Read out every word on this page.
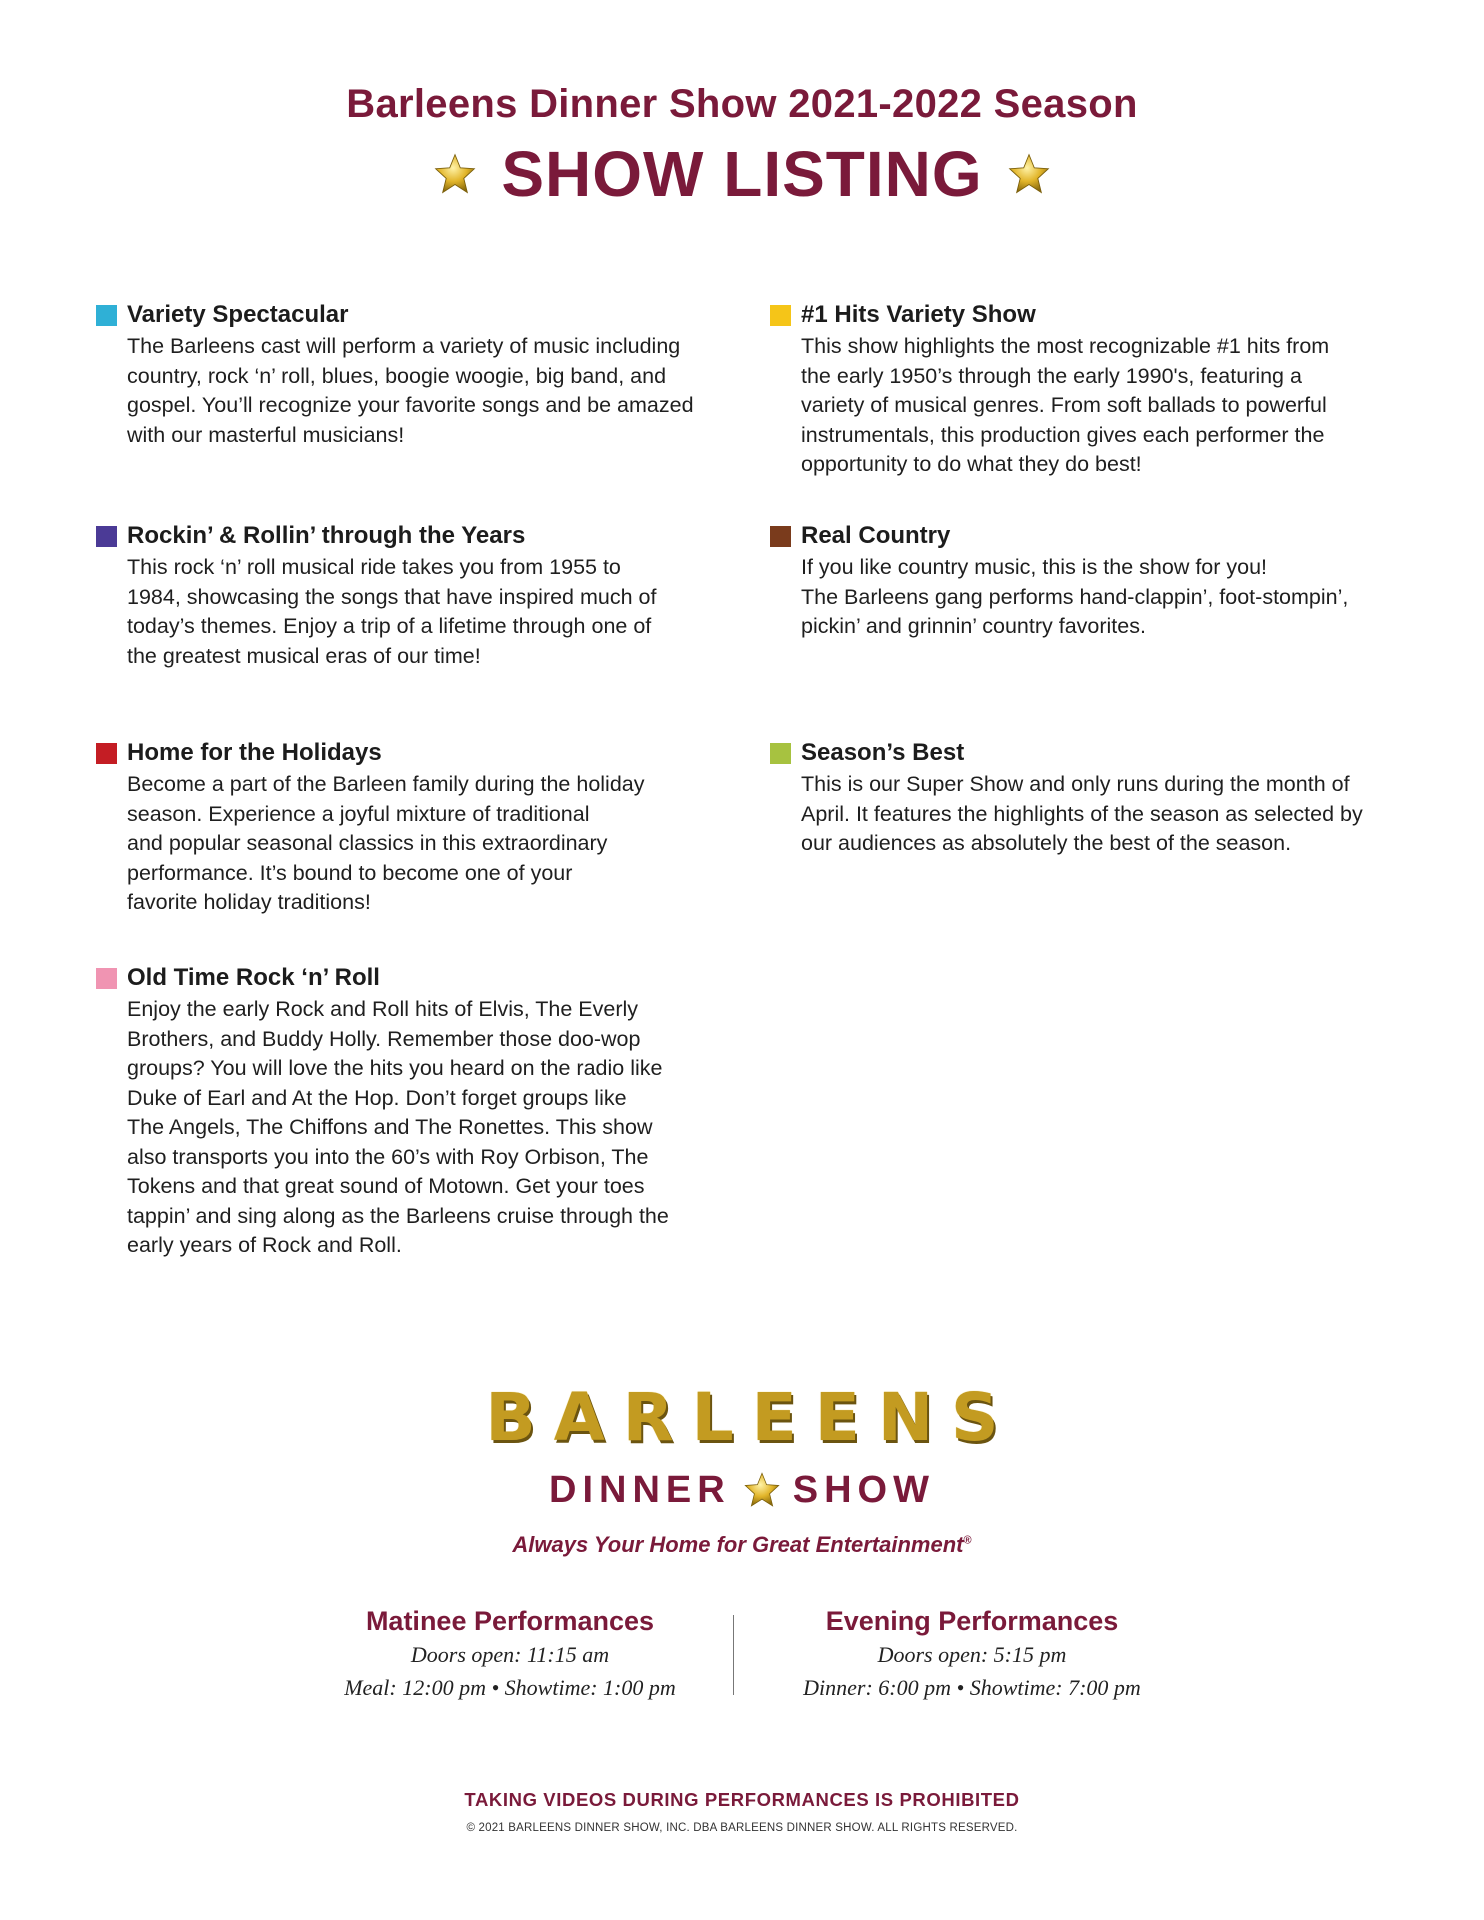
Barleens Dinner Show 2021-2022 Season
SHOW LISTING
Variety Spectacular
The Barleens cast will perform a variety of music including
country, rock ‘n’ roll, blues, boogie woogie, big band, and
gospel. You’ll recognize your favorite songs and be amazed
with our masterful musicians!
Rockin’ & Rollin’ through the Years
This rock ‘n’ roll musical ride takes you from 1955 to
1984, showcasing the songs that have inspired much of
today’s themes. Enjoy a trip of a lifetime through one of
the greatest musical eras of our time!
Home for the Holidays
Become a part of the Barleen family during the holiday
season. Experience a joyful mixture of traditional
and popular seasonal classics in this extraordinary
performance. It’s bound to become one of your
favorite holiday traditions!
Old Time Rock ‘n’ Roll
Enjoy the early Rock and Roll hits of Elvis, The Everly
Brothers, and Buddy Holly. Remember those doo-wop
groups? You will love the hits you heard on the radio like
Duke of Earl and At the Hop. Don’t forget groups like
The Angels, The Chiffons and The Ronettes. This show
also transports you into the 60’s with Roy Orbison, The
Tokens and that great sound of Motown. Get your toes
tappin’ and sing along as the Barleens cruise through the
early years of Rock and Roll.
#1 Hits Variety Show
This show highlights the most recognizable #1 hits from
the early 1950’s through the early 1990's, featuring a
variety of musical genres. From soft ballads to powerful
instrumentals, this production gives each performer the
opportunity to do what they do best!
Real Country
If you like country music, this is the show for you!
The Barleens gang performs hand-clappin’, foot-stompin’,
pickin’ and grinnin’ country favorites.
Season’s Best
This is our Super Show and only runs during the month of
April. It features the highlights of the season as selected by
our audiences as absolutely the best of the season.
BARLEENS
DINNER SHOW
Always Your Home for Great Entertainment®
Matinee Performances

Doors open: 11:15 am

Meal: 12:00 pm • Showtime: 1:00 pm

Evening Performances

Doors open: 5:15 pm

Dinner: 6:00 pm • Showtime: 7:00 pm

TAKING VIDEOS DURING PERFORMANCES IS PROHIBITED
© 2021 BARLEENS DINNER SHOW, INC. DBA BARLEENS DINNER SHOW. ALL RIGHTS RESERVED.
